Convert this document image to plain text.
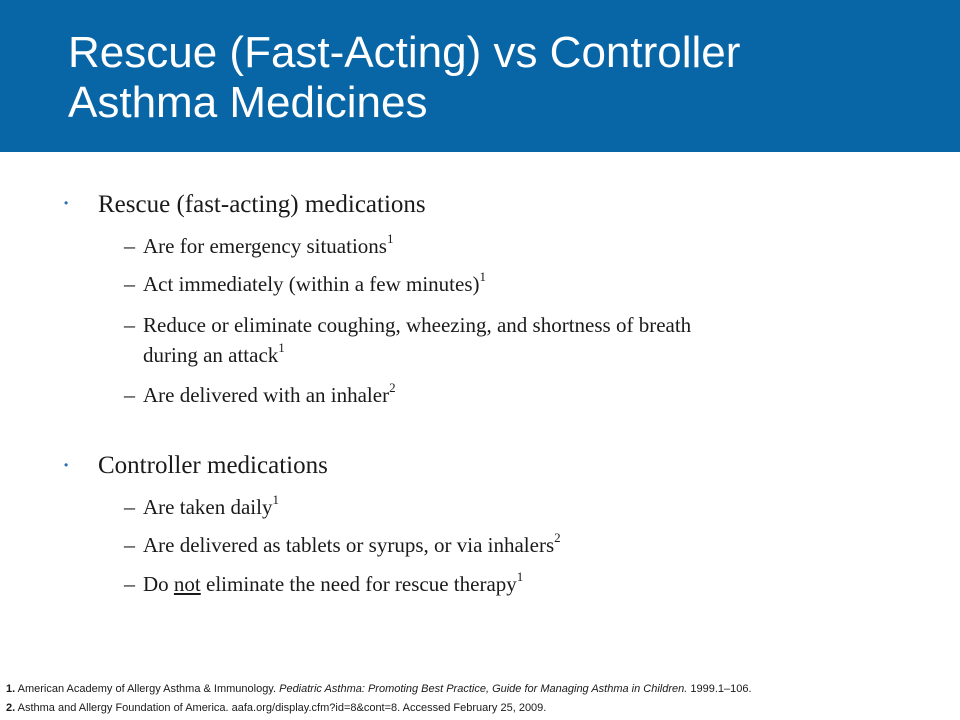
Rescue (Fast-Acting) vs Controller
Asthma Medicines
• Rescue (fast-acting) medications
– Are for emergency situations$^1$
– Act immediately (within a few minutes)$^1$
– Reduce or eliminate coughing, wheezing, and shortness of breath
during an attack$^1$
– Are delivered with an inhaler$^2$
• Controller medications
– Are taken daily$^1$
– Are delivered as tablets or syrups, or via inhalers$^2$
– Do not eliminate the need for rescue therapy$^1$
1. American Academy of Allergy Asthma & Immunology. Pediatric Asthma: Promoting Best Practice, Guide for Managing Asthma in Children. 1999.1–106.
2. Asthma and Allergy Foundation of America. aafa.org/display.cfm?id=8&cont=8. Accessed February 25, 2009.
